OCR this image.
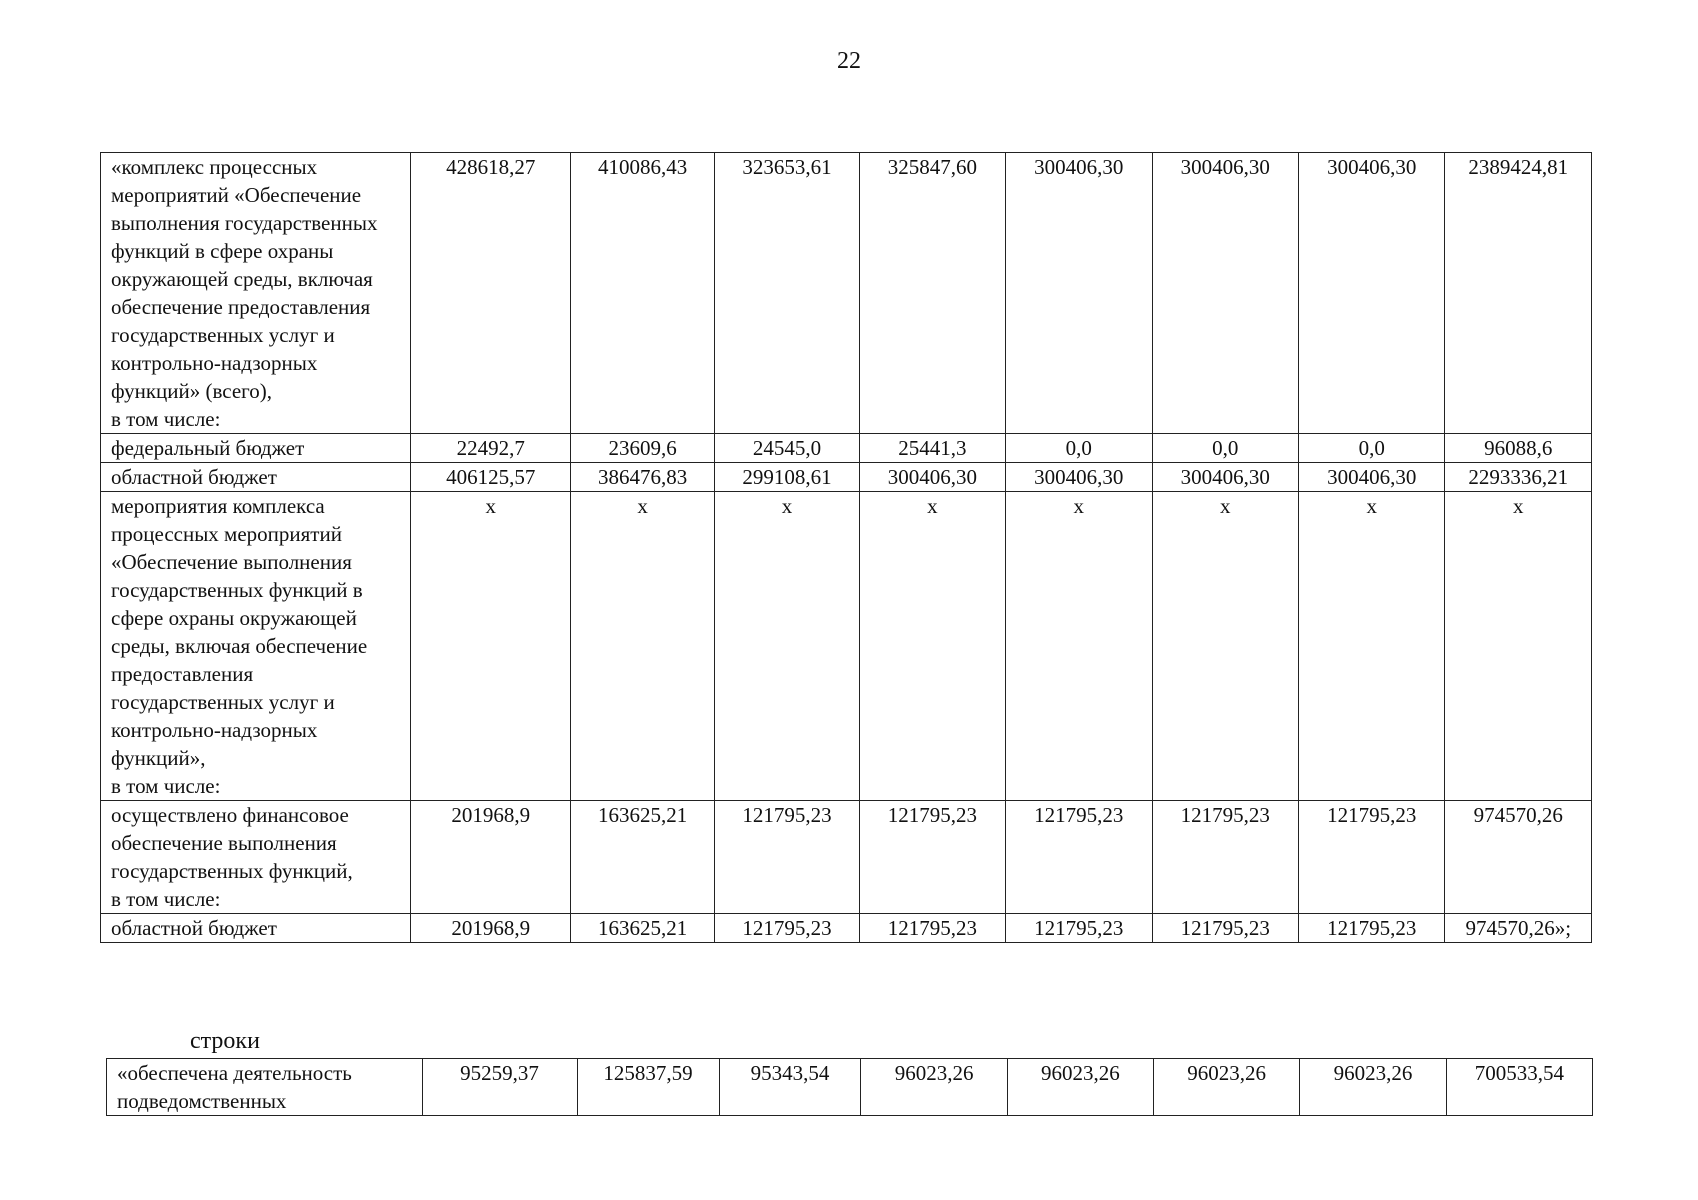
22
«комплекс процессных мероприятий «Обеспечение выполнения государственных функций в сфере охраны окружающей среды, включая обеспечение предоставления государственных услуг и контрольно-надзорных функций» (всего),
в том числе:	428618,27	410086,43	323653,61	325847,60	300406,30	300406,30	300406,30	2389424,81
федеральный бюджет	22492,7	23609,6	24545,0	25441,3	0,0	0,0	0,0	96088,6
областной бюджет	406125,57	386476,83	299108,61	300406,30	300406,30	300406,30	300406,30	2293336,21
мероприятия комплекса процессных мероприятий «Обеспечение выполнения государственных функций в сфере охраны окружающей среды, включая обеспечение предоставления государственных услуг и контрольно-надзорных функций»,
в том числе:	x	x	x	x	x	x	x	x
осуществлено финансовое обеспечение выполнения государственных функций,
в том числе:	201968,9	163625,21	121795,23	121795,23	121795,23	121795,23	121795,23	974570,26
областной бюджет	201968,9	163625,21	121795,23	121795,23	121795,23	121795,23	121795,23	974570,26»;
строки
«обеспечена деятельность подведомственных	95259,37	125837,59	95343,54	96023,26	96023,26	96023,26	96023,26	700533,54
